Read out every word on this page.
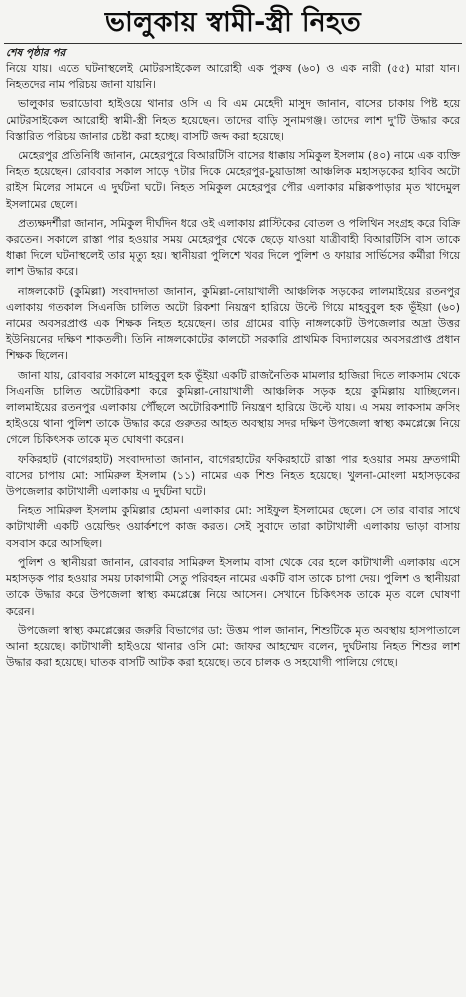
ভালুকায় স্বামী-স্ত্রী নিহত
শেষ পৃষ্ঠার পর

নিয়ে যায়। এতে ঘটনাস্থলেই মোটরসাইকেল আরোহী এক পুরুষ (৬০) ও এক নারী (৫৫) মারা যান। নিহতদের নাম পরিচয় জানা যায়নি।

ভালুকার ভরাডোবা হাইওয়ে থানার ওসি এ বি এম মেহেদী মাসুদ জানান, বাসের চাকায় পিষ্ট হয়ে মোটরসাইকেল আরোহী স্বামী-স্ত্রী নিহত হয়েছেন। তাদের বাড়ি সুনামগঞ্জ। তাদের লাশ দু'টি উদ্ধার করে বিস্তারিত পরিচয় জানার চেষ্টা করা হচ্ছে। বাসটি জব্দ করা হয়েছে।

মেহেরপুর প্রতিনিধি জানান, মেহেরপুরে বিআরটিসি বাসের ধাক্কায় সমিকুল ইসলাম (৪০) নামে এক ব্যক্তি নিহত হয়েছেন। রোববার সকাল সাড়ে ৭টার দিকে মেহেরপুর-চুয়াডাঙ্গা আঞ্চলিক মহাসড়কের হাবিব অটো রাইস মিলের সামনে এ দুর্ঘটনা ঘটে। নিহত সমিকুল মেহেরপুর পৌর এলাকার মল্লিকপাড়ার মৃত খাদেমুল ইসলামের ছেলে।

প্রত্যক্ষদর্শীরা জানান, সমিকুল দীর্ঘদিন ধরে ওই এলাকায় প্লাস্টিকের বোতল ও পলিথিন সংগ্রহ করে বিক্রি করতেন। সকালে রাস্তা পার হওয়ার সময় মেহেরপুর থেকে ছেড়ে যাওয়া যাত্রীবাহী বিআরটিসি বাস তাকে ধাক্কা দিলে ঘটনাস্থলেই তার মৃত্যু হয়। স্থানীয়রা পুলিশে খবর দিলে পুলিশ ও ফায়ার সার্ভিসের কর্মীরা গিয়ে লাশ উদ্ধার করে।

নাঙ্গলকোট (কুমিল্লা) সংবাদদাতা জানান, কুমিল্লা-নোয়াখালী আঞ্চলিক সড়কের লালমাইয়ের রতনপুর এলাকায় গতকাল সিএনজি চালিত অটো রিকশা নিয়ন্ত্রণ হারিয়ে উল্টে গিয়ে মাহবুবুল হক ভূঁইয়া (৬০) নামের অবসরপ্রাপ্ত এক শিক্ষক নিহত হয়েছেন। তার গ্রামের বাড়ি নাঙ্গলকোট উপজেলার অদ্রা উত্তর ইউনিয়নের দক্ষিণ শাকতলী। তিনি নাঙ্গলকোটের কালচৌ সরকারি প্রাথমিক বিদ্যালয়ের অবসরপ্রাপ্ত প্রধান শিক্ষক ছিলেন।

জানা যায়, রোববার সকালে মাহবুবুল হক ভূঁইয়া একটি রাজনৈতিক মামলার হাজিরা দিতে লাকসাম থেকে সিএনজি চালিত অটোরিকশা করে কুমিল্লা-নোয়াখালী আঞ্চলিক সড়ক হয়ে কুমিল্লায় যাচ্ছিলেন। লালমাইয়ের রতনপুর এলাকায় পৌঁছলে অটোরিকশাটি নিয়ন্ত্রণ হারিয়ে উল্টে যায়। এ সময় লাকসাম ক্রসিং হাইওয়ে থানা পুলিশ তাকে উদ্ধার করে গুরুতর আহত অবস্থায় সদর দক্ষিণ উপজেলা স্বাস্থ্য কমপ্লেক্সে নিয়ে গেলে চিকিৎসক তাকে মৃত ঘোষণা করেন।

ফকিরহাট (বাগেরহাট) সংবাদদাতা জানান, বাগেরহাটের ফকিরহাটে রাস্তা পার হওয়ার সময় দ্রুতগামী বাসের চাপায় মো: সামিরুল ইসলাম (১১) নামের এক শিশু নিহত হয়েছে। খুলনা-মোংলা মহাসড়কের উপজেলার কাটাখালী এলাকায় এ দুর্ঘটনা ঘটে।

নিহত সামিরুল ইসলাম কুমিল্লার হোমনা এলাকার মো: সাইফুল ইসলামের ছেলে। সে তার বাবার সাথে কাটাখালী একটি ওয়েল্ডিং ওয়ার্কশপে কাজ করত। সেই সুবাদে তারা কাটাখালী এলাকায় ভাড়া বাসায় বসবাস করে আসছিল।

পুলিশ ও স্থানীয়রা জানান, রোববার সামিরুল ইসলাম বাসা থেকে বের হলে কাটাখালী এলাকায় এসে মহাসড়ক পার হওয়ার সময় ঢাকাগামী সেতু পরিবহন নামের একটি বাস তাকে চাপা দেয়। পুলিশ ও স্থানীয়রা তাকে উদ্ধার করে উপজেলা স্বাস্থ্য কমপ্লেক্সে নিয়ে আসেন। সেখানে চিকিৎসক তাকে মৃত বলে ঘোষণা করেন।

উপজেলা স্বাস্থ্য কমপ্লেক্সের জরুরি বিভাগের ডা: উত্তম পাল জানান, শিশুটিকে মৃত অবস্থায় হাসপাতালে আনা হয়েছে। কাটাখালী হাইওয়ে থানার ওসি মো: জাফর আহম্মেদ বলেন, দুর্ঘটনায় নিহত শিশুর লাশ উদ্ধার করা হয়েছে। ঘাতক বাসটি আটক করা হয়েছে। তবে চালক ও সহযোগী পালিয়ে গেছে।
